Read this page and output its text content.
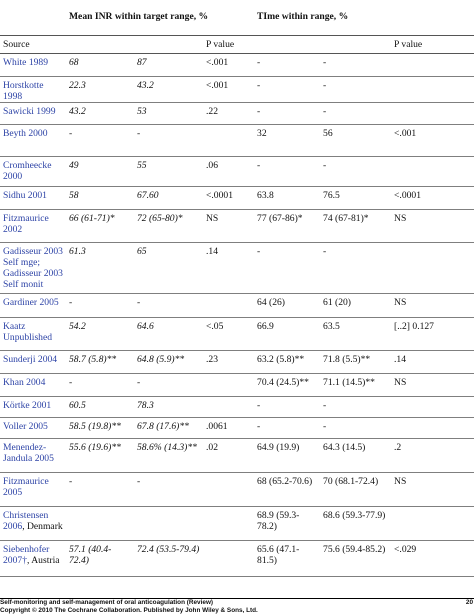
	Mean INR within target range, %			TIme within range, %		
Source			P value			P value
White 1989	68	87	<.001	-	-	
Horstkotte 1998	22.3	43.2	<.001	-	-	
Sawicki 1999	43.2	53	.22	-	-	
Beyth 2000	-	-		32	56	<.001
Cromheecke 2000	49	55	.06	-	-	
Sidhu 2001	58	67.60	<.0001	63.8	76.5	<.0001
Fitzmaurice 2002	66 (61-71)*	72 (65-80)*	NS	77 (67-86)*	74 (67-81)*	NS
Gadisseur 2003 Self mge; Gadisseur 2003 Self monit	61.3	65	.14	-	-	
Gardiner 2005	-	-		64 (26)	61 (20)	NS
Kaatz Unpublished	54.2	64.6	<.05	66.9	63.5	[..2] 0.127
Sunderji 2004	58.7 (5.8)**	64.8 (5.9)**	.23	63.2 (5.8)**	71.8 (5.5)**	.14
Khan 2004	-	-		70.4 (24.5)**	71.1 (14.5)**	NS
Körtke 2001	60.5	78.3		-	-	
Voller 2005	58.5 (19.8)**	67.8 (17.6)**	.0061	-	-	
Menendez-Jandula 2005	55.6 (19.6)**	58.6% (14.3)**	.02	64.9 (19.9)	64.3 (14.5)	.2
Fitzmaurice 2005	-	-		68 (65.2-70.6)	70 (68.1-72.4)	NS
Christensen 2006, Denmark				68.9 (59.3-78.2)	68.6 (59.3-77.9)	
Siebenhofer 2007†, Austria	57.1 (40.4-72.4)	72.4 (53.5-79.4)		65.6 (47.1-81.5)	75.6 (59.4-85.2)	<.029
Self-monitoring and self-management of oral anticoagulation (Review)
Copyright © 2010 The Cochrane Collaboration. Published by John Wiley & Sons, Ltd.
20
